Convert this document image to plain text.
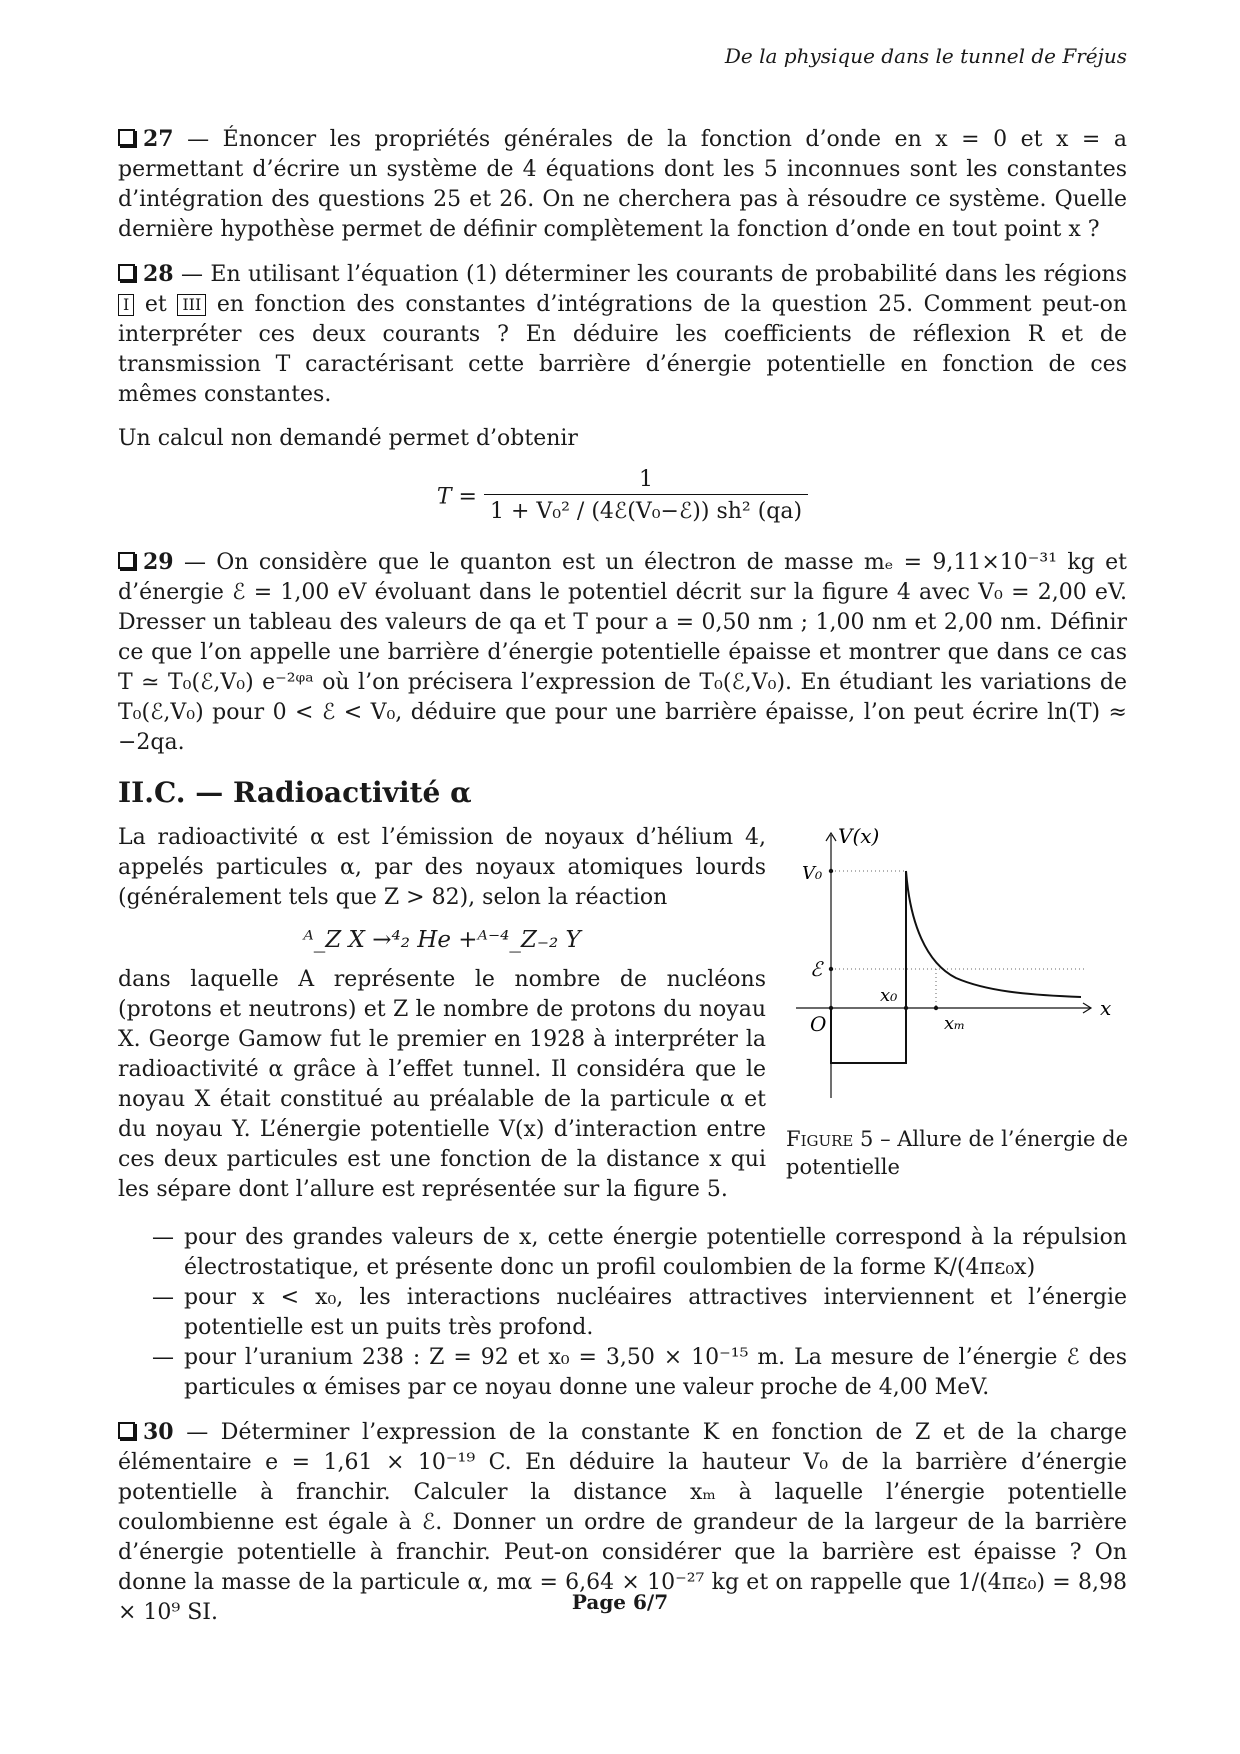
De la physique dans le tunnel de Fréjus

27 — Énoncer les propriétés générales de la fonction d’onde en x = 0 et x = a permettant d’écrire un système de 4 équations dont les 5 inconnues sont les constantes d’intégration des questions 25 et 26. On ne cherchera pas à résoudre ce système. Quelle dernière hypothèse permet de définir complètement la fonction d’onde en tout point x ?

28 — En utilisant l’équation (1) déterminer les courants de probabilité dans les régions I et III en fonction des constantes d’intégrations de la question 25. Comment peut-on interpréter ces deux courants ? En déduire les coefficients de réflexion R et de transmission T caractérisant cette barrière d’énergie potentielle en fonction de ces mêmes constantes.

Un calcul non demandé permet d’obtenir

$T = \frac{1}{\text{1 + V₀² / (4ℰ(V₀−ℰ)) sh² (qa)}}$

29 — On considère que le quanton est un électron de masse mₑ = 9,11×10⁻³¹ kg et d’énergie ℰ = 1,00 eV évoluant dans le potentiel décrit sur la figure 4 avec V₀ = 2,00 eV. Dresser un tableau des valeurs de qa et T pour a = 0,50 nm ; 1,00 nm et 2,00 nm. Définir ce que l’on appelle une barrière d’énergie potentielle épaisse et montrer que dans ce cas T ≃ T₀(ℰ,V₀) e⁻²ᵠᵃ où l’on précisera l’expression de T₀(ℰ,V₀). En étudiant les variations de T₀(ℰ,V₀) pour 0 < ℰ < V₀, déduire que pour une barrière épaisse, l’on peut écrire ln(T) ≈ −2qa.

II.C. — Radioactivité α

La radioactivité α est l’émission de noyaux d’hélium 4, appelés particules α, par des noyaux atomiques lourds (généralement tels que Z > 82), selon la réaction

ᴬ_Z X →⁴₂ He +ᴬ⁻⁴_Z₋₂ Y

dans laquelle A représente le nombre de nucléons (protons et neutrons) et Z le nombre de protons du noyau X. George Gamow fut le premier en 1928 à interpréter la radioactivité α grâce à l’effet tunnel. Il considéra que le noyau X était constitué au préalable de la particule α et du noyau Y. L’énergie potentielle V(x) d’interaction entre ces deux particules est une fonction de la distance x qui les sépare dont l’allure est représentée sur la figure 5.

V(x)
x
V₀
ℰ
O
x₀
xₘ
Figure 5 – Allure de l’énergie de potentielle
— pour des grandes valeurs de x, cette énergie potentielle correspond à la répulsion électrostatique, et présente donc un profil coulombien de la forme K/(4πε₀x)
— pour x < x₀, les interactions nucléaires attractives interviennent et l’énergie potentielle est un puits très profond.
— pour l’uranium 238 : Z = 92 et x₀ = 3,50 × 10⁻¹⁵ m. La mesure de l’énergie ℰ des particules α émises par ce noyau donne une valeur proche de 4,00 MeV.

30 — Déterminer l’expression de la constante K en fonction de Z et de la charge élémentaire e = 1,61 × 10⁻¹⁹ C. En déduire la hauteur V₀ de la barrière d’énergie potentielle à franchir. Calculer la distance xₘ à laquelle l’énergie potentielle coulombienne est égale à ℰ. Donner un ordre de grandeur de la largeur de la barrière d’énergie potentielle à franchir. Peut-on considérer que la barrière est épaisse ? On donne la masse de la particule α, mα = 6,64 × 10⁻²⁷ kg et on rappelle que 1/(4πε₀) = 8,98 × 10⁹ SI.	Page 6/7
